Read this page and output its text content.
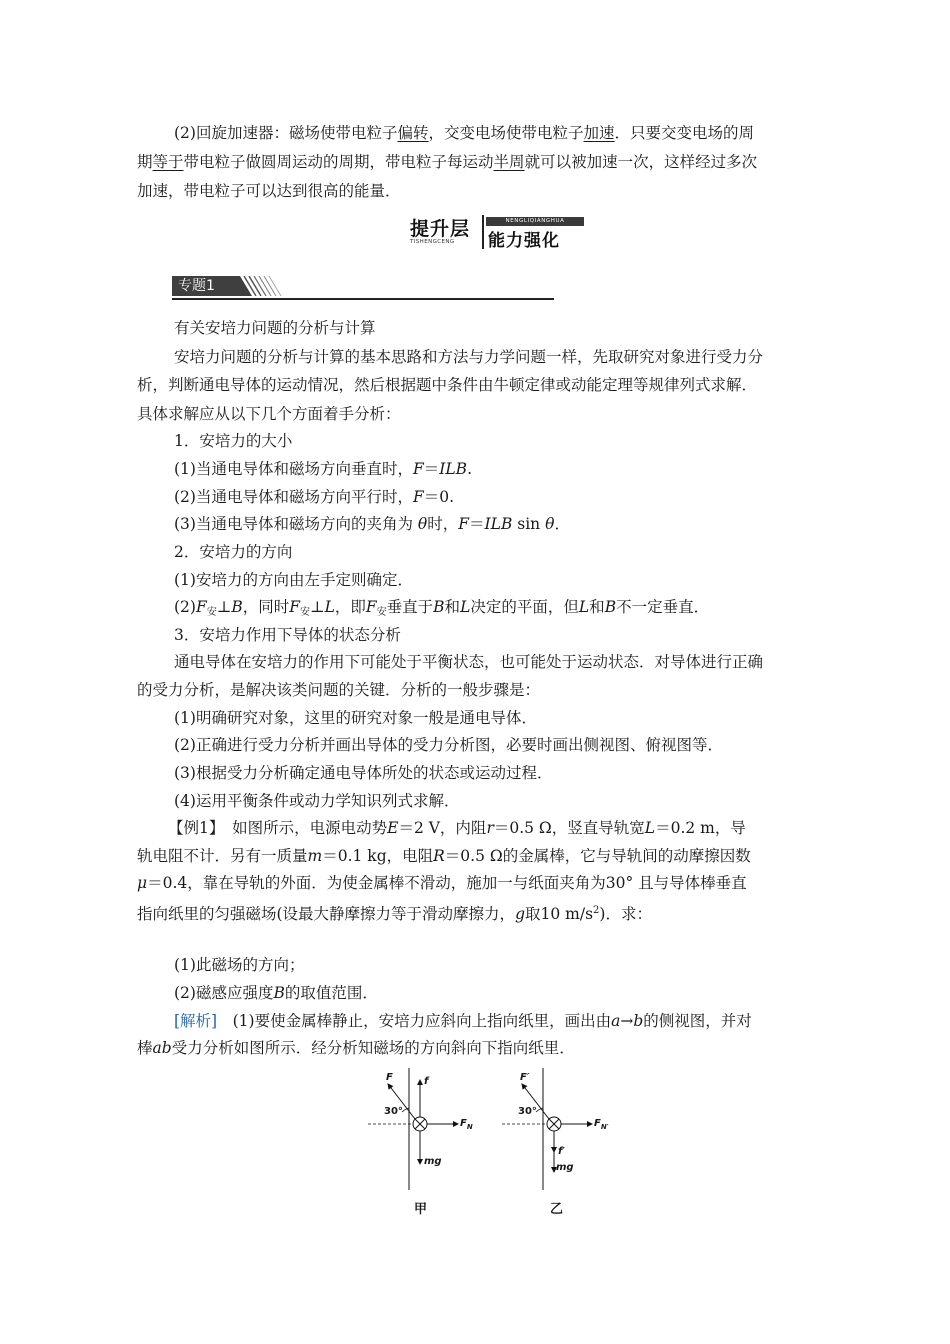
(2)回旋加速器：磁场使带电粒子偏转，交变电场使带电粒子加速．只要交变电场的周
期等于带电粒子做圆周运动的周期，带电粒子每运动半周就可以被加速一次，这样经过多次
加速，带电粒子可以达到很高的能量．
提升层
TISHENGCENG
NENGLIQIANGHUA
能力强化
专题1
有关安培力问题的分析与计算
安培力问题的分析与计算的基本思路和方法与力学问题一样，先取研究对象进行受力分
析，判断通电导体的运动情况，然后根据题中条件由牛顿定律或动能定理等规律列式求解．
具体求解应从以下几个方面着手分析：
1．安培力的大小
(1)当通电导体和磁场方向垂直时，F＝ILB.
(2)当通电导体和磁场方向平行时，F＝0.
(3)当通电导体和磁场方向的夹角为 θ时，F＝ILB sin θ．
2．安培力的方向
(1)安培力的方向由左手定则确定．
$(2)F_安\perp B$，同时$F_安\perp L$，即$F_安$垂直于B和L决定的平面，但L和B不一定垂直．
3．安培力作用下导体的状态分析
通电导体在安培力的作用下可能处于平衡状态，也可能处于运动状态．对导体进行正确
的受力分析，是解决该类问题的关键．分析的一般步骤是：
(1)明确研究对象，这里的研究对象一般是通电导体．
(2)正确进行受力分析并画出导体的受力分析图，必要时画出侧视图、俯视图等．
(3)根据受力分析确定通电导体所处的状态或运动过程．
(4)运用平衡条件或动力学知识列式求解．
【例1】　如图所示，电源电动势E＝2 V，内阻r＝0.5 Ω，竖直导轨宽L＝0.2 m，导
轨电阻不计．另有一质量m＝0.1 kg，电阻R＝0.5 Ω的金属棒，它与导轨间的动摩擦因数
μ＝0.4，靠在导轨的外面．为使金属棒不滑动，施加一与纸面夹角为30° 且与导体棒垂直
指向纸里的匀强磁场(设最大静摩擦力等于滑动摩擦力，g取10 $m/s^2$)．求：
(1)此磁场的方向；
(2)磁感应强度B的取值范围．
[解析]　(1)要使金属棒静止，安培力应斜向上指向纸里，画出由a→b的侧视图，并对
棒ab受力分析如图所示．经分析知磁场的方向斜向下指向纸里．
F	f
30°
$F_N$
mg
甲
F′
30°
$F_{N'}$
f′
mg
乙
